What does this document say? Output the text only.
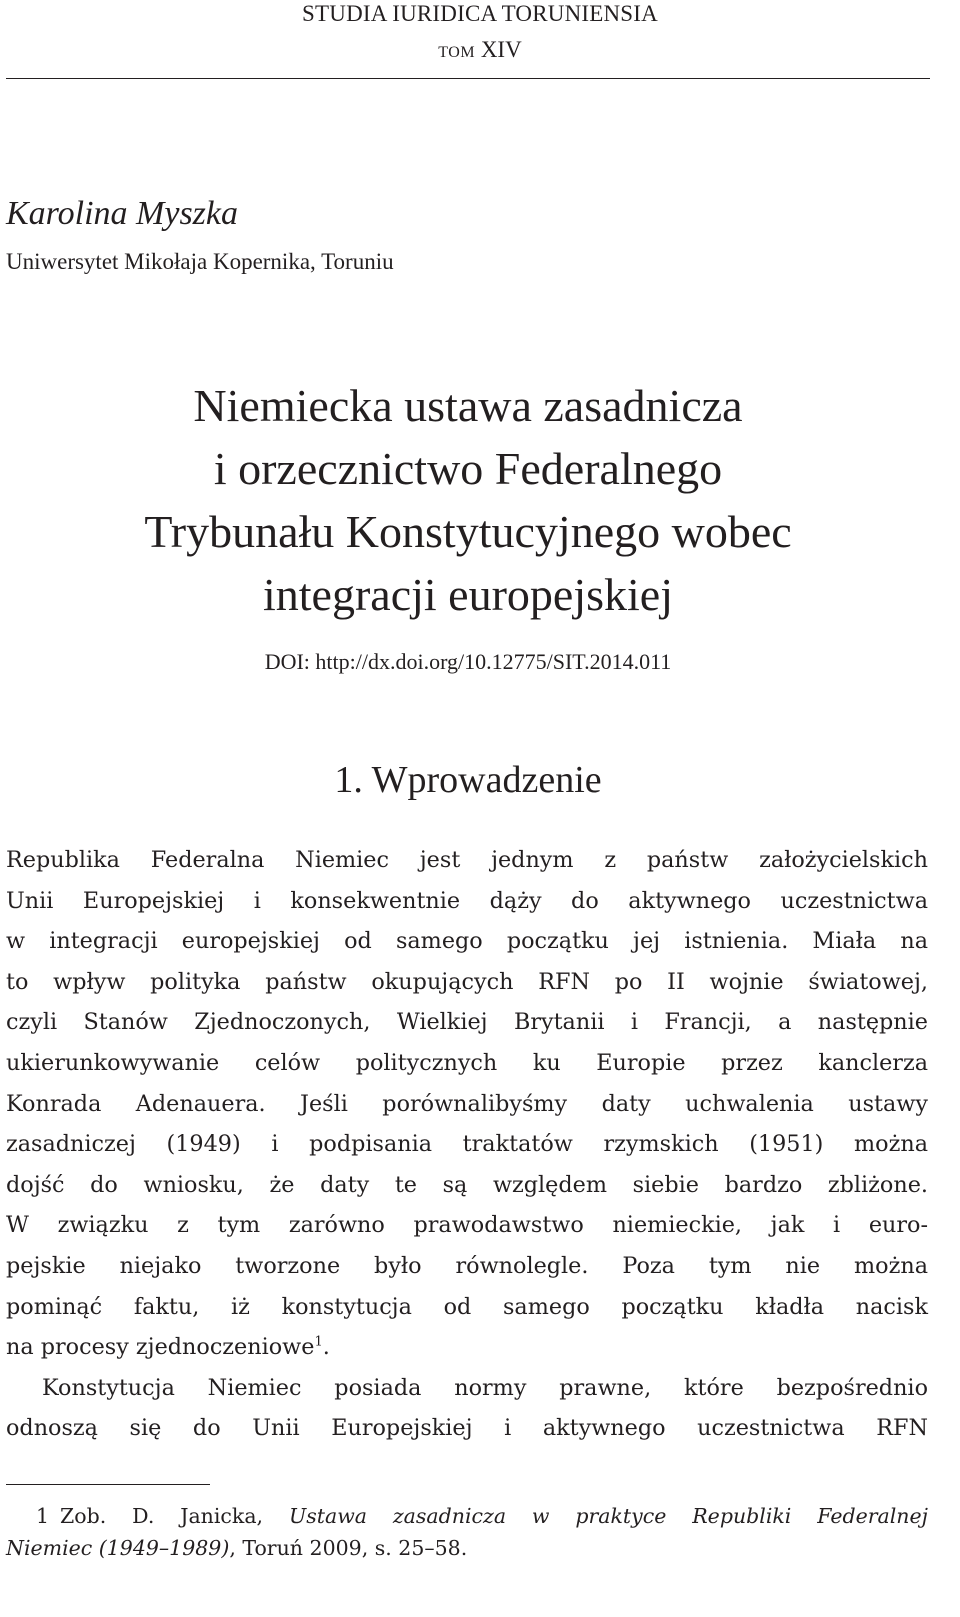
STUDIA IURIDICA TORUNIENSIA
TOM XIV
Karolina Myszka
Uniwersytet Mikołaja Kopernika, Toruniu
Niemiecka ustawa zasadnicza
i orzecznictwo Federalnego
Trybunału Konstytucyjnego wobec
integracji europejskiej
DOI: http://dx.doi.org/10.12775/SIT.2014.011
1. Wprowadzenie
Republika Federalna Niemiec jest jednym z państw założycielskich
Unii Europejskiej i konsekwentnie dąży do aktywnego uczestnictwa
w integracji europejskiej od samego początku jej istnienia. Miała na
to wpływ polityka państw okupujących RFN po II wojnie światowej,
czyli Stanów Zjednoczonych, Wielkiej Brytanii i Francji, a następnie
ukierunkowywanie celów politycznych ku Europie przez kanclerza
Konrada Adenauera. Jeśli porównalibyśmy daty uchwalenia ustawy
zasadniczej (1949) i podpisania traktatów rzymskich (1951) można
dojść do wniosku, że daty te są względem siebie bardzo zbliżone.
W związku z tym zarówno prawodawstwo niemieckie, jak i euro-
pejskie niejako tworzone było równolegle. Poza tym nie można
pominąć faktu, iż konstytucja od samego początku kładła nacisk
na procesy zjednoczeniowe$^1$.
Konstytucja Niemiec posiada normy prawne, które bezpośrednio
odnoszą się do Unii Europejskiej i aktywnego uczestnictwa RFN
1 Zob. D. Janicka, Ustawa zasadnicza w praktyce Republiki Federalnej
Niemiec (1949–1989), Toruń 2009, s. 25–58.
